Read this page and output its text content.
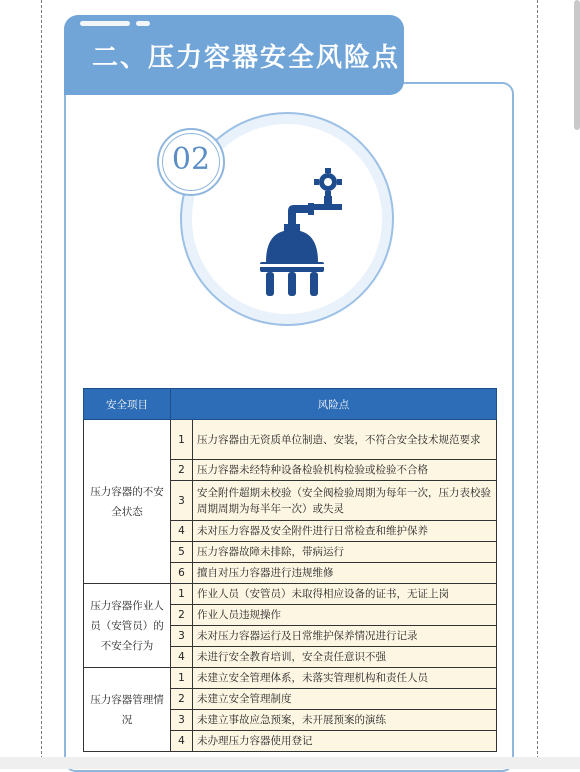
二、压力容器安全风险点
02
安全项目	风险点	
压力容器的不安全状态	1	压力容器由无资质单位制造、安装，不符合安全技术规范要求
	2	压力容器未经特种设备检验机构检验或检验不合格
	3	安全附件超期未校验（安全阀检验周期为每年一次，压力表校验周期周期为每半年一次）或失灵
	4	未对压力容器及安全附件进行日常检查和维护保养
	5	压力容器故障未排除，带病运行
	6	擅自对压力容器进行违规维修
压力容器作业人员（安管员）的不安全行为	1	作业人员（安管员）未取得相应设备的证书，无证上岗
	2	作业人员违规操作
	3	未对压力容器运行及日常维护保养情况进行记录
	4	未进行安全教育培训，安全责任意识不强
压力容器管理情况	1	未建立安全管理体系，未落实管理机构和责任人员
	2	未建立安全管理制度
	3	未建立事故应急预案，未开展预案的演练
	4	未办理压力容器使用登记
